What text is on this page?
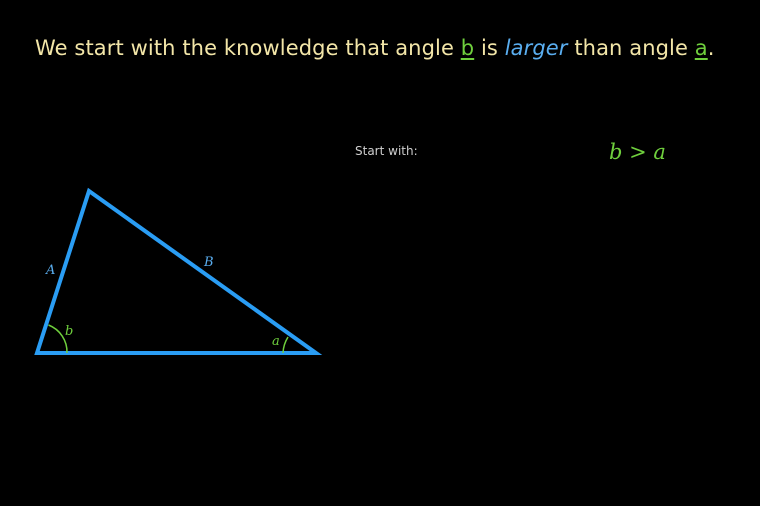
We start with the knowledge that angle b is larger than angle a.
Start with:	b > a
A
B
b
a
